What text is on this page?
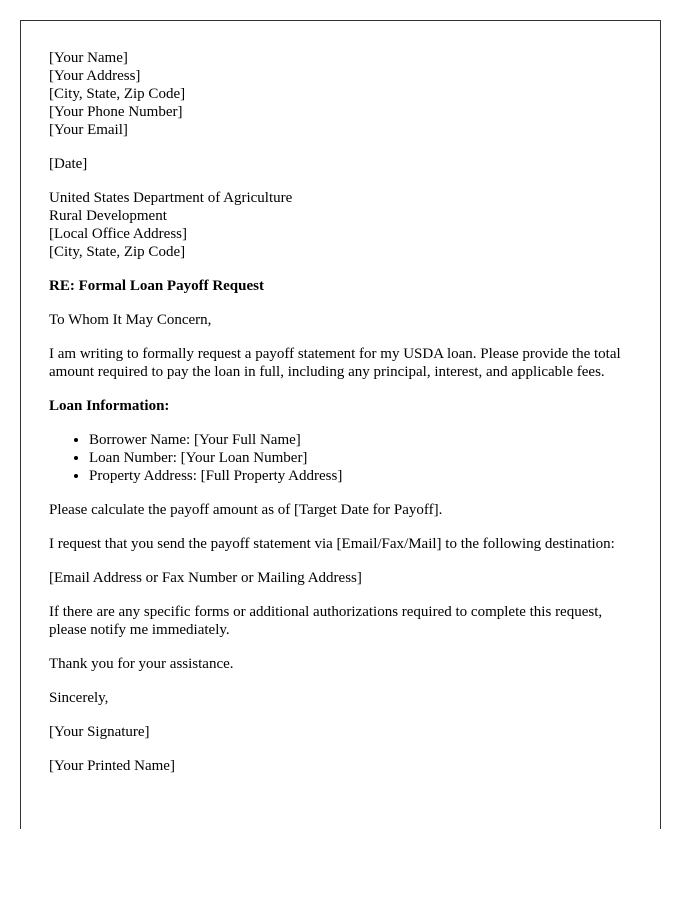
[Your Name]
[Your Address]
[City, State, Zip Code]
[Your Phone Number]
[Your Email]

[Date]

United States Department of Agriculture
Rural Development
[Local Office Address]
[City, State, Zip Code]

RE: Formal Loan Payoff Request

To Whom It May Concern,

I am writing to formally request a payoff statement for my USDA loan. Please provide the total amount required to pay the loan in full, including any principal, interest, and applicable fees.

Loan Information:

• Borrower Name: [Your Full Name]
• Loan Number: [Your Loan Number]
• Property Address: [Full Property Address]

Please calculate the payoff amount as of [Target Date for Payoff].

I request that you send the payoff statement via [Email/Fax/Mail] to the following destination:

[Email Address or Fax Number or Mailing Address]

If there are any specific forms or additional authorizations required to complete this request, please notify me immediately.

Thank you for your assistance.

Sincerely,

[Your Signature]

[Your Printed Name]
